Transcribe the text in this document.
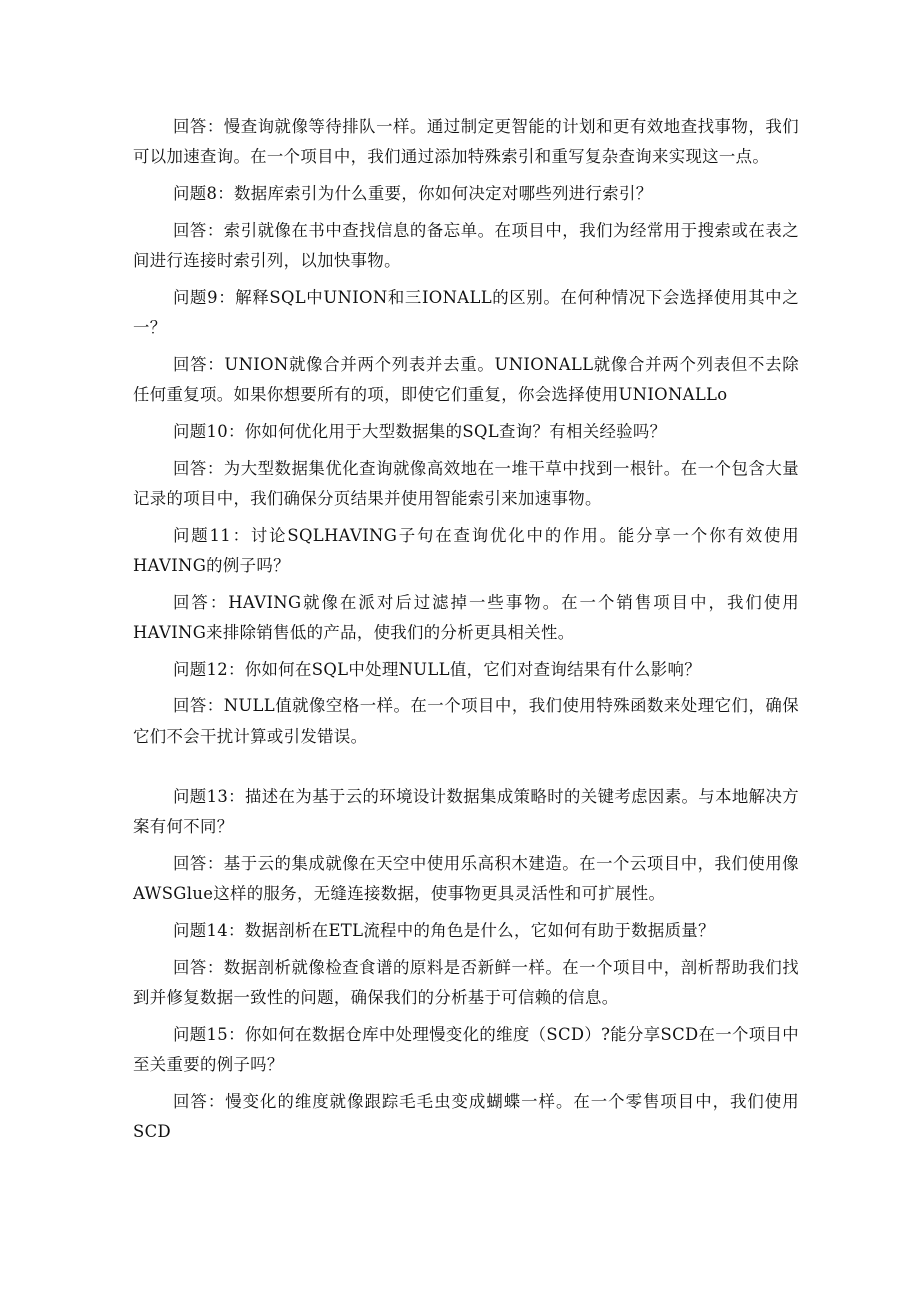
回答：慢查询就像等待排队一样。通过制定更智能的计划和更有效地查找事物，我们可以加速查询。在一个项目中，我们通过添加特殊索引和重写复杂查询来实现这一点。

问题8：数据库索引为什么重要，你如何决定对哪些列进行索引？

回答：索引就像在书中查找信息的备忘单。在项目中，我们为经常用于搜索或在表之间进行连接时索引列，以加快事物。

问题9：解释SQL中UNION和三IONALL的区别。在何种情况下会选择使用其中之一？

回答：UNION就像合并两个列表并去重。UNIONALL就像合并两个列表但不去除任何重复项。如果你想要所有的项，即使它们重复，你会选择使用UNIONALLo

问题10：你如何优化用于大型数据集的SQL查询？有相关经验吗？

回答：为大型数据集优化查询就像高效地在一堆干草中找到一根针。在一个包含大量记录的项目中，我们确保分页结果并使用智能索引来加速事物。

问题11：讨论SQLHAVING子句在查询优化中的作用。能分享一个你有效使用HAVING的例子吗？

回答：HAVING就像在派对后过滤掉一些事物。在一个销售项目中，我们使用HAVING来排除销售低的产品，使我们的分析更具相关性。

问题12：你如何在SQL中处理NULL值，它们对查询结果有什么影响？

回答：NULL值就像空格一样。在一个项目中，我们使用特殊函数来处理它们，确保它们不会干扰计算或引发错误。

问题13：描述在为基于云的环境设计数据集成策略时的关键考虑因素。与本地解决方案有何不同？

回答：基于云的集成就像在天空中使用乐高积木建造。在一个云项目中，我们使用像AWSGlue这样的服务，无缝连接数据，使事物更具灵活性和可扩展性。

问题14：数据剖析在ETL流程中的角色是什么，它如何有助于数据质量？

回答：数据剖析就像检查食谱的原料是否新鲜一样。在一个项目中，剖析帮助我们找到并修复数据一致性的问题，确保我们的分析基于可信赖的信息。

问题15：你如何在数据仓库中处理慢变化的维度（SCD）?能分享SCD在一个项目中至关重要的例子吗？

回答：慢变化的维度就像跟踪毛毛虫变成蝴蝶一样。在一个零售项目中，我们使用SCD
